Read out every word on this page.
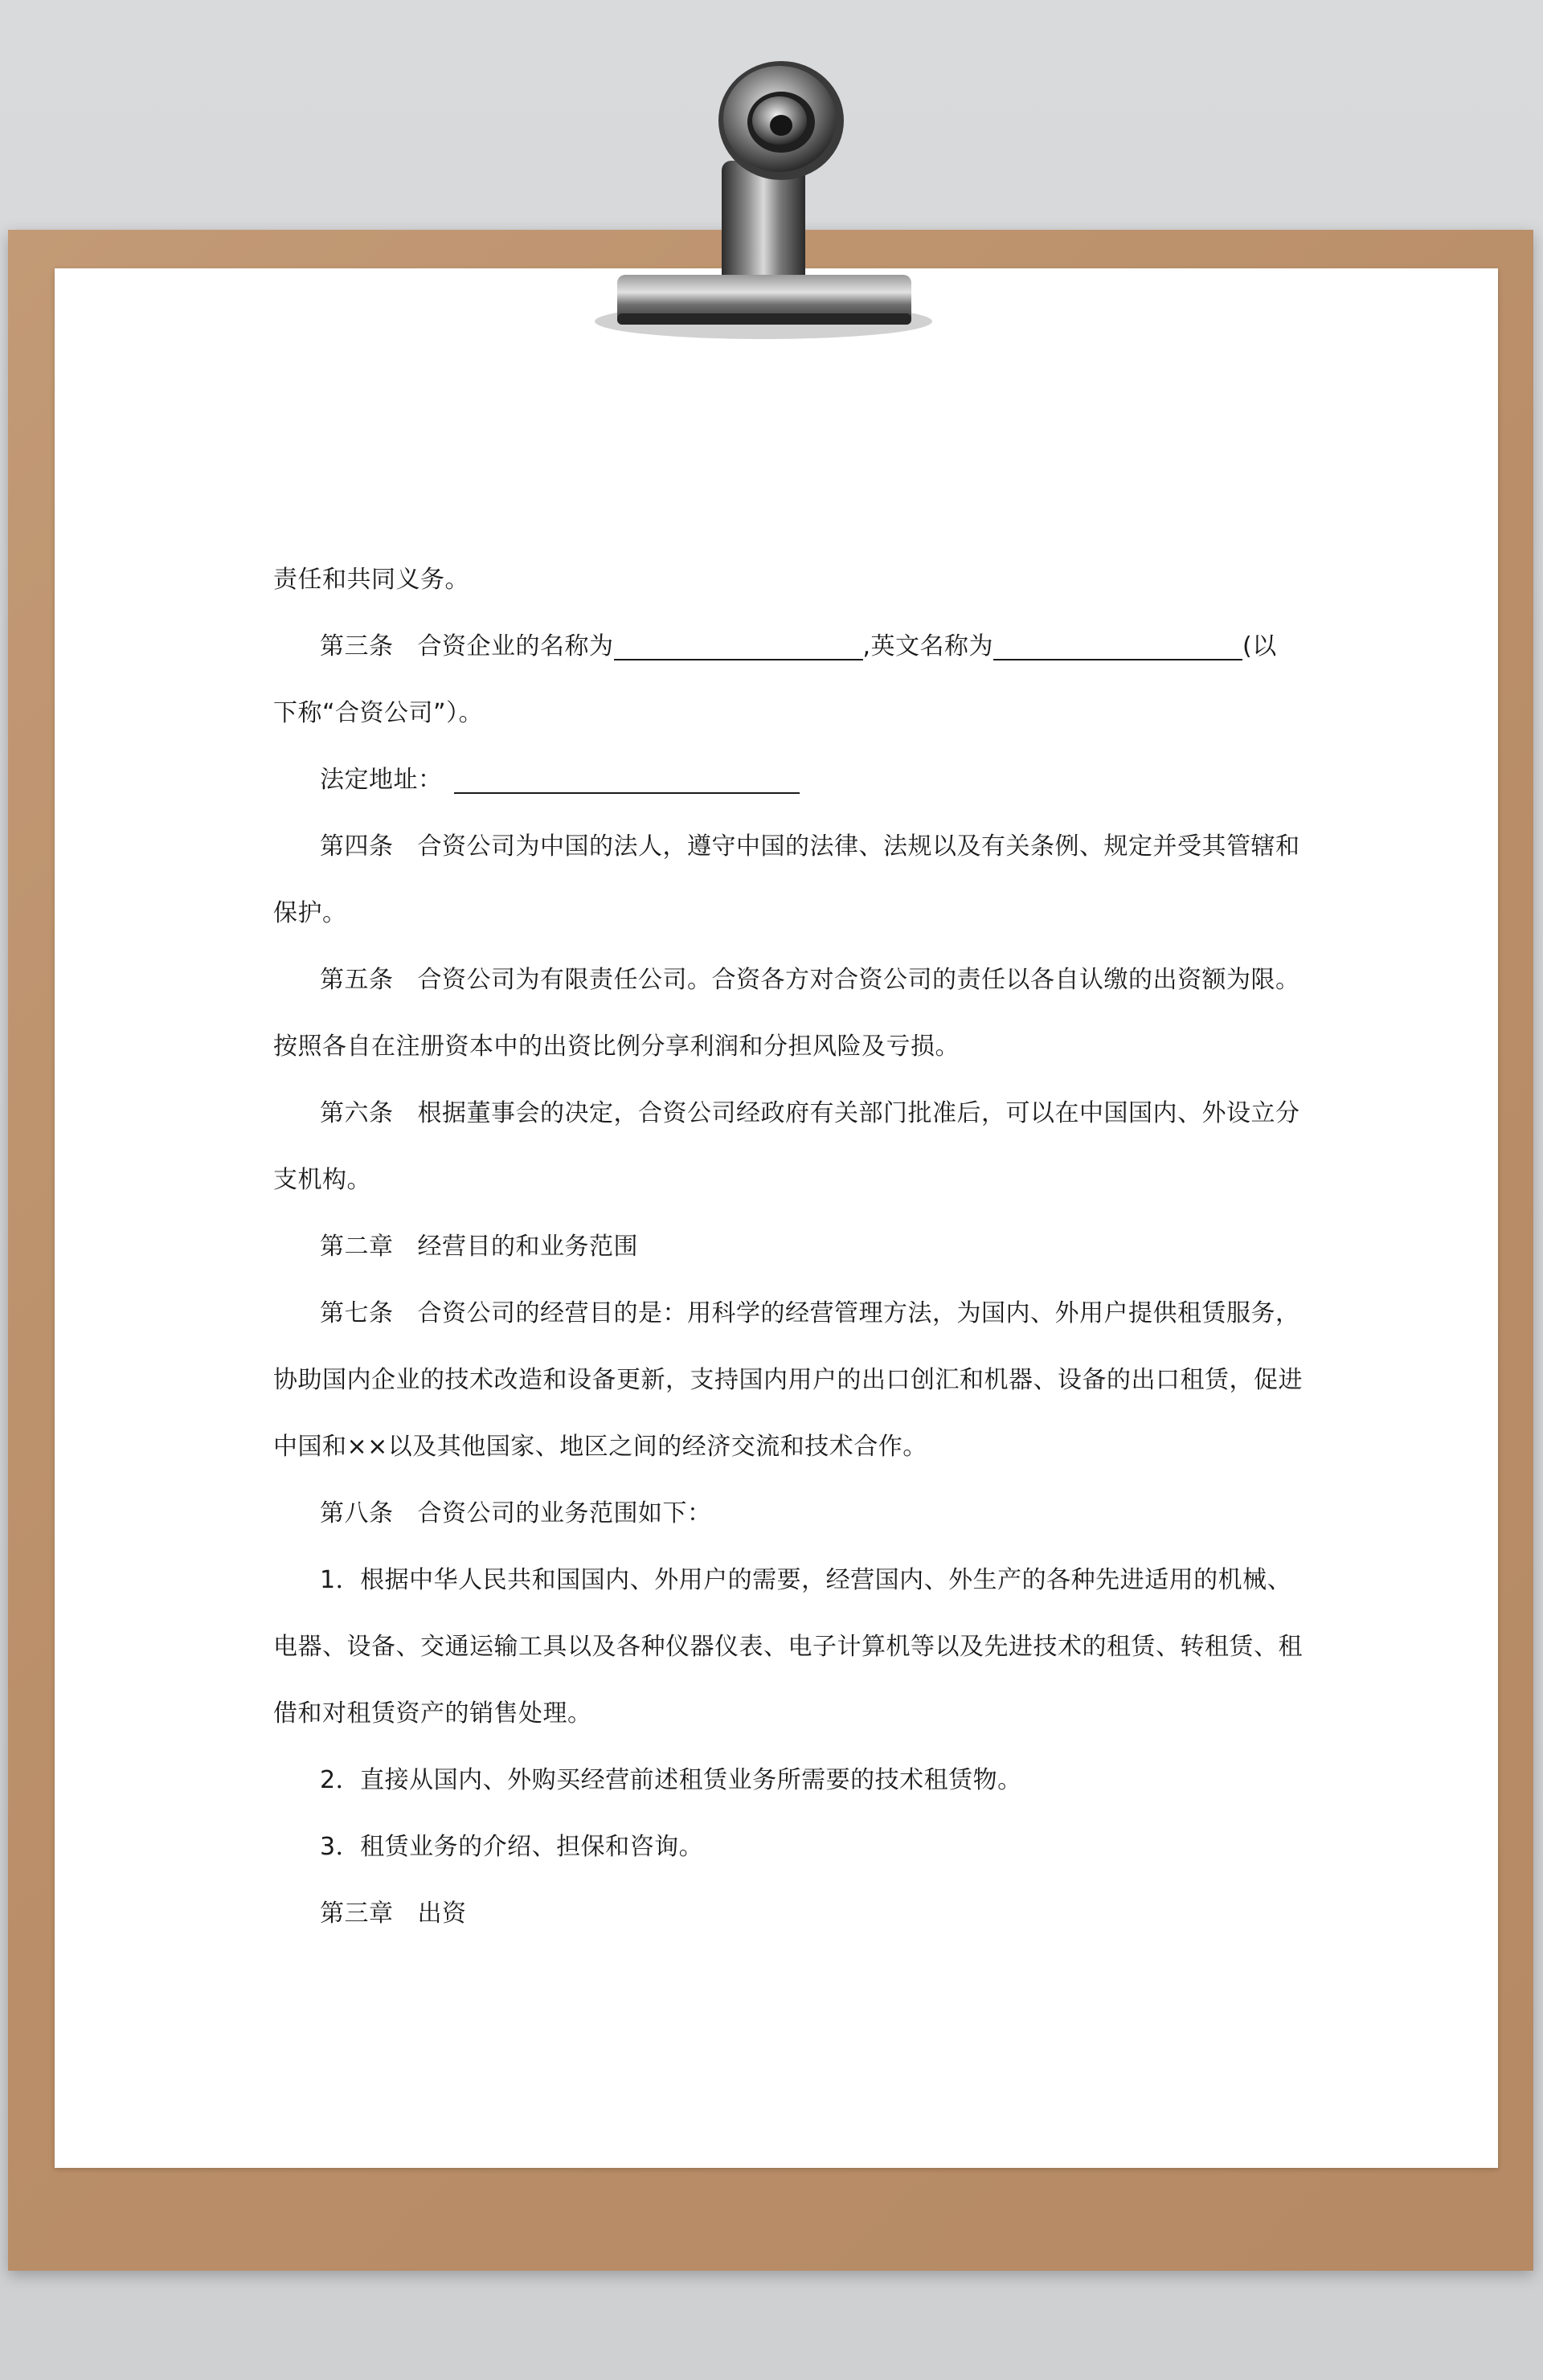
责任和共同义务。
第三条 合资企业的名称为	,英文名称为	(以
下称“合资公司”）。
法定地址：
第四条 合资公司为中国的法人，遵守中国的法律、法规以及有关条例、规定并受其管辖和
保护。
第五条 合资公司为有限责任公司。合资各方对合资公司的责任以各自认缴的出资额为限。
按照各自在注册资本中的出资比例分享利润和分担风险及亏损。
第六条 根据董事会的决定，合资公司经政府有关部门批准后，可以在中国国内、外设立分
支机构。
第二章 经营目的和业务范围
第七条 合资公司的经营目的是：用科学的经营管理方法，为国内、外用户提供租赁服务，
协助国内企业的技术改造和设备更新，支持国内用户的出口创汇和机器、设备的出口租赁，促进
中国和××以及其他国家、地区之间的经济交流和技术合作。
第八条 合资公司的业务范围如下：
1．根据中华人民共和国国内、外用户的需要，经营国内、外生产的各种先进适用的机械、
电器、设备、交通运输工具以及各种仪器仪表、电子计算机等以及先进技术的租赁、转租赁、租
借和对租赁资产的销售处理。
2．直接从国内、外购买经营前述租赁业务所需要的技术租赁物。
3．租赁业务的介绍、担保和咨询。
第三章 出资
